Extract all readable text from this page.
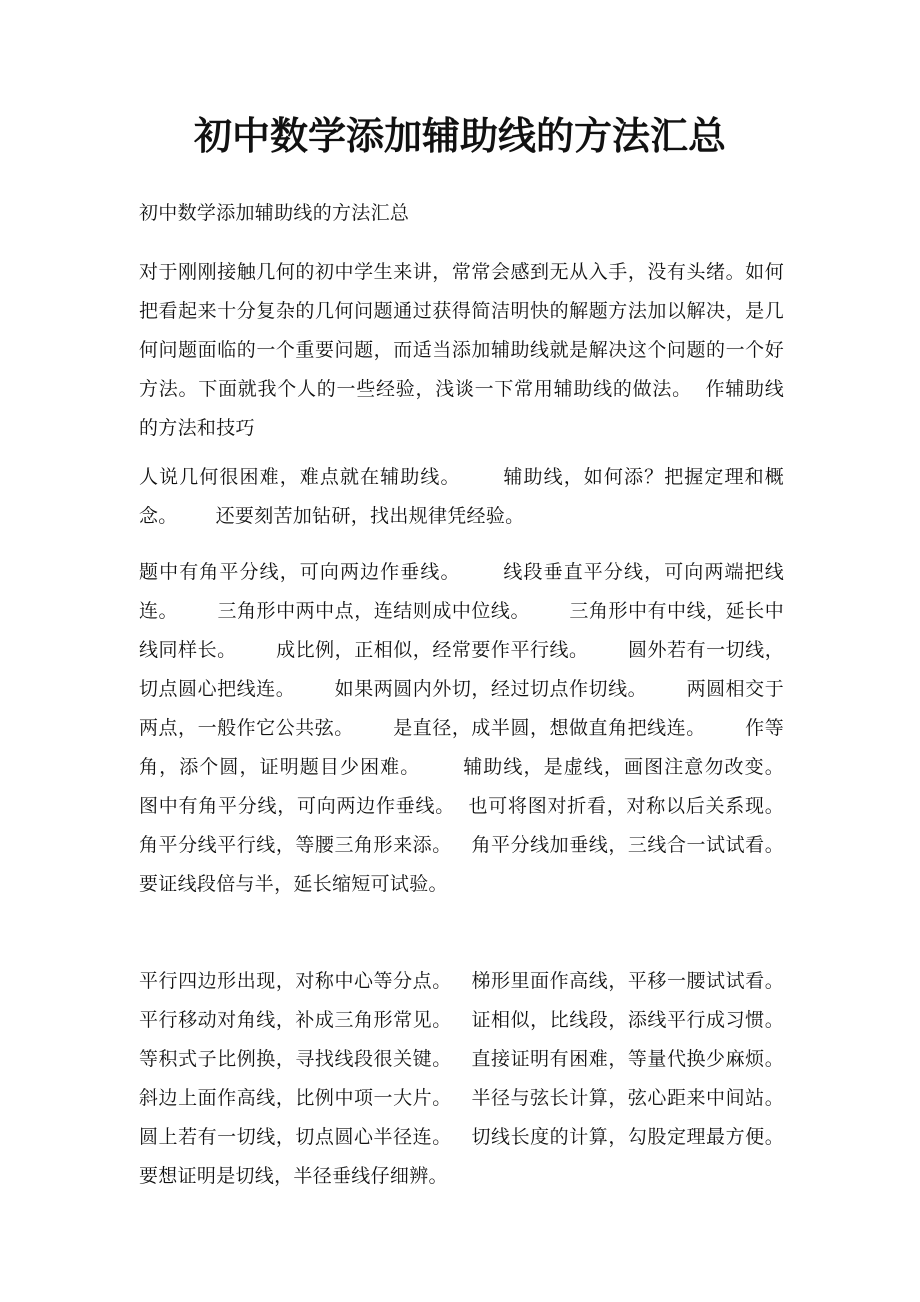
初中数学添加辅助线的方法汇总

初中数学添加辅助线的方法汇总

对于刚刚接触几何的初中学生来讲，常常会感到无从入手，没有头绪。如何把看起来十分复杂的几何问题通过获得简洁明快的解题方法加以解决，是几何问题面临的一个重要问题，而适当添加辅助线就是解决这个问题的一个好方法。下面就我个人的一些经验，浅谈一下常用辅助线的做法。  作辅助线的方法和技巧

人说几何很困难，难点就在辅助线。      辅助线，如何添？把握定理和概念。      还要刻苦加钻研，找出规律凭经验。

题中有角平分线，可向两边作垂线。      线段垂直平分线，可向两端把线连。      三角形中两中点，连结则成中位线。      三角形中有中线，延长中线同样长。      成比例，正相似，经常要作平行线。      圆外若有一切线，切点圆心把线连。      如果两圆内外切，经过切点作切线。      两圆相交于两点，一般作它公共弦。      是直径，成半圆，想做直角把线连。      作等角，添个圆，证明题目少困难。      辅助线，是虚线，画图注意勿改变。  图中有角平分线，可向两边作垂线。  也可将图对折看，对称以后关系现。   角平分线平行线，等腰三角形来添。   角平分线加垂线，三线合一试试看。   要证线段倍与半，延长缩短可试验。

平行四边形出现，对称中心等分点。   梯形里面作高线，平移一腰试试看。   平行移动对角线，补成三角形常见。   证相似，比线段，添线平行成习惯。   等积式子比例换，寻找线段很关键。   直接证明有困难，等量代换少麻烦。   斜边上面作高线，比例中项一大片。   半径与弦长计算，弦心距来中间站。   圆上若有一切线，切点圆心半径连。   切线长度的计算，勾股定理最方便。   要想证明是切线，半径垂线仔细辨。
